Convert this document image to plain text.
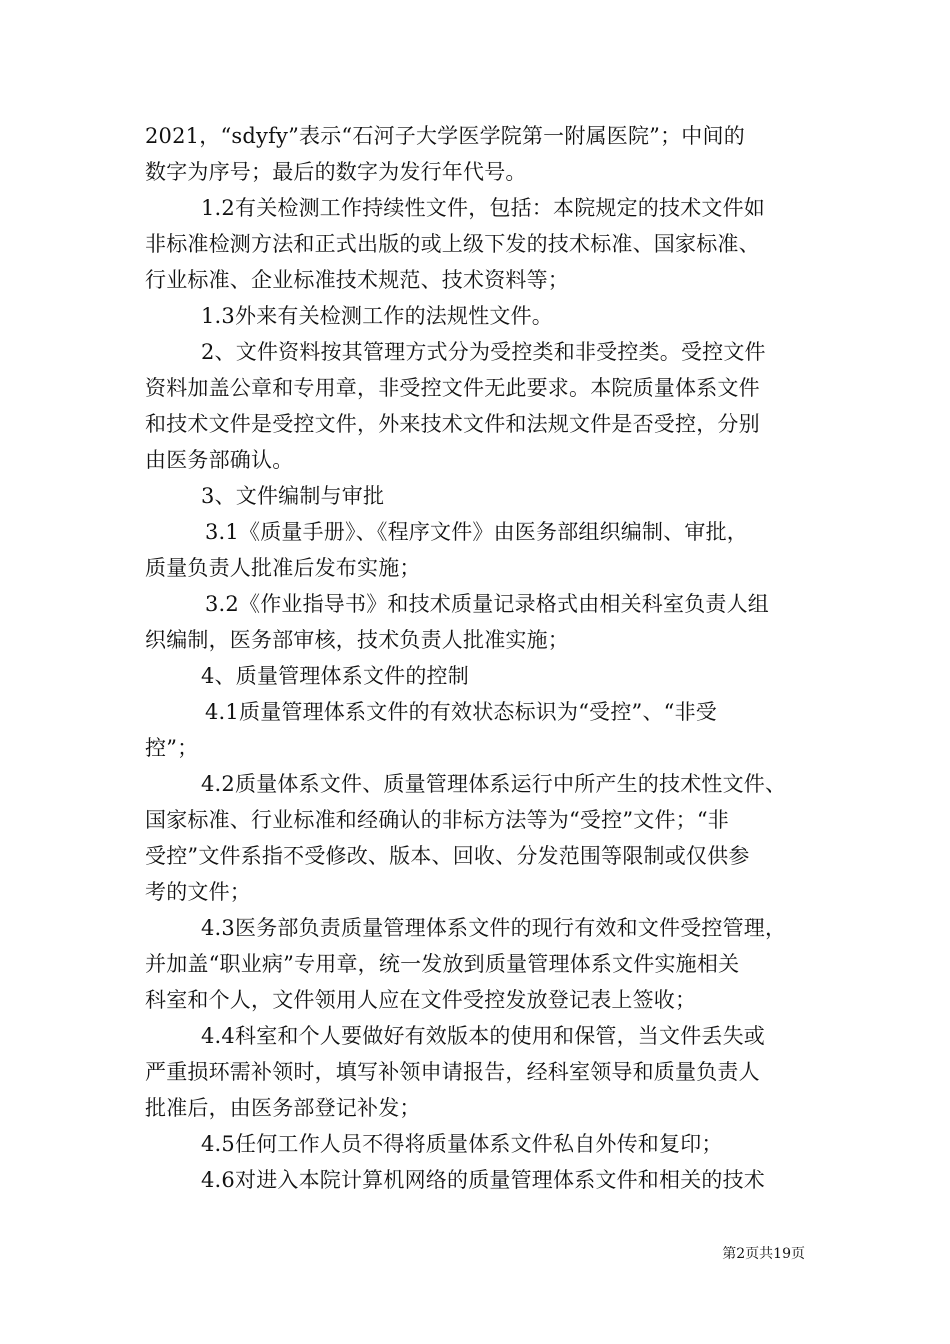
2021，“sdyfy”表示“石河子大学医学院第一附属医院”；中间的
数字为序号；最后的数字为发行年代号。
1.2有关检测工作持续性文件，包括：本院规定的技术文件如
非标准检测方法和正式出版的或上级下发的技术标准、国家标准、
行业标准、企业标准技术规范、技术资料等；
1.3外来有关检测工作的法规性文件。
2、文件资料按其管理方式分为受控类和非受控类。受控文件
资料加盖公章和专用章，非受控文件无此要求。本院质量体系文件
和技术文件是受控文件，外来技术文件和法规文件是否受控，分别
由医务部确认。
3、文件编制与审批
3.1《质量手册》、《程序文件》由医务部组织编制、审批，
质量负责人批准后发布实施；
3.2《作业指导书》和技术质量记录格式由相关科室负责人组
织编制，医务部审核，技术负责人批准实施；
4、质量管理体系文件的控制
4.1质量管理体系文件的有效状态标识为“受控”、“非受
控”；
4.2质量体系文件、质量管理体系运行中所产生的技术性文件、
国家标准、行业标准和经确认的非标方法等为“受控”文件；“非
受控”文件系指不受修改、版本、回收、分发范围等限制或仅供参
考的文件；
4.3医务部负责质量管理体系文件的现行有效和文件受控管理，
并加盖“职业病”专用章，统一发放到质量管理体系文件实施相关
科室和个人，文件领用人应在文件受控发放登记表上签收；
4.4科室和个人要做好有效版本的使用和保管，当文件丢失或
严重损环需补领时，填写补领申请报告，经科室领导和质量负责人
批准后，由医务部登记补发；
4.5任何工作人员不得将质量体系文件私自外传和复印；
4.6对进入本院计算机网络的质量管理体系文件和相关的技术
第2页共19页
